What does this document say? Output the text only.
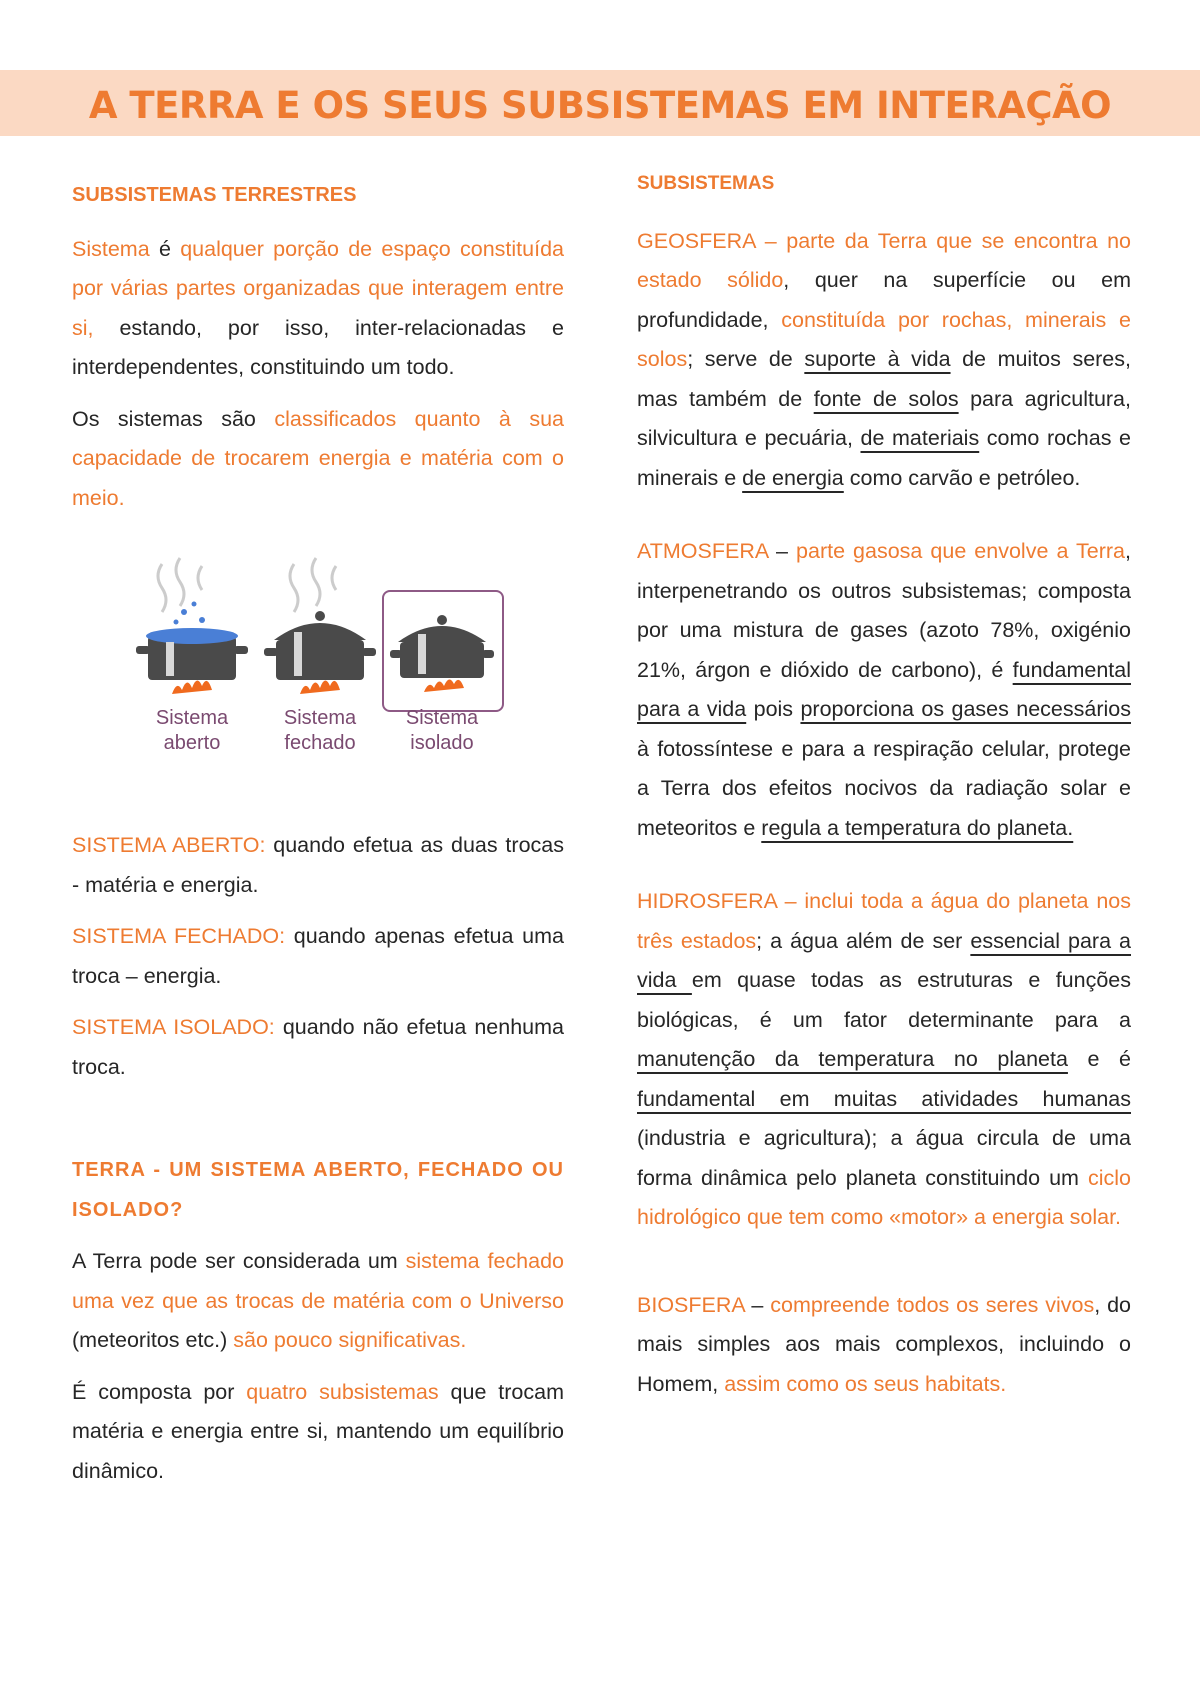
A TERRA E OS SEUS SUBSISTEMAS EM INTERAÇÃO
SUBSISTEMAS TERRESTRES

Sistema é qualquer porção de espaço constituída por várias partes organizadas que interagem entre si, estando, por isso, inter-relacionadas e interdependentes, constituindo um todo.

Os sistemas são classificados quanto à sua capacidade de trocarem energia e matéria com o meio.

Sistema
aberto
Sistema
fechado
Sistema
isolado

SISTEMA ABERTO: quando efetua as duas trocas - matéria e energia.

SISTEMA FECHADO: quando apenas efetua uma troca – energia.

SISTEMA ISOLADO: quando não efetua nenhuma troca.

TERRA - UM SISTEMA ABERTO, FECHADO OU ISOLADO?

A Terra pode ser considerada um sistema fechado uma vez que as trocas de matéria com o Universo (meteoritos etc.) são pouco significativas.

É composta por quatro subsistemas que trocam matéria e energia entre si, mantendo um equilíbrio dinâmico.

SUBSISTEMAS

GEOSFERA – parte da Terra que se encontra no estado sólido, quer na superfície ou em profundidade, constituída por rochas, minerais e solos; serve de suporte à vida de muitos seres, mas também de fonte de solos para agricultura, silvicultura e pecuária, de materiais como rochas e minerais e de energia como carvão e petróleo.

ATMOSFERA – parte gasosa que envolve a Terra, interpenetrando os outros subsistemas; composta por uma mistura de gases (azoto 78%, oxigénio 21%, árgon e dióxido de carbono), é fundamental para a vida pois proporciona os gases necessários à fotossíntese e para a respiração celular, protege a Terra dos efeitos nocivos da radiação solar e meteoritos e regula a temperatura do planeta.

HIDROSFERA – inclui toda a água do planeta nos três estados; a água além de ser essencial para a vida em quase todas as estruturas e funções biológicas, é um fator determinante para a manutenção da temperatura no planeta e é fundamental em muitas atividades humanas (industria e agricultura); a água circula de uma forma dinâmica pelo planeta constituindo um ciclo hidrológico que tem como «motor» a energia solar.

BIOSFERA – compreende todos os seres vivos, do mais simples aos mais complexos, incluindo o Homem, assim como os seus habitats.
